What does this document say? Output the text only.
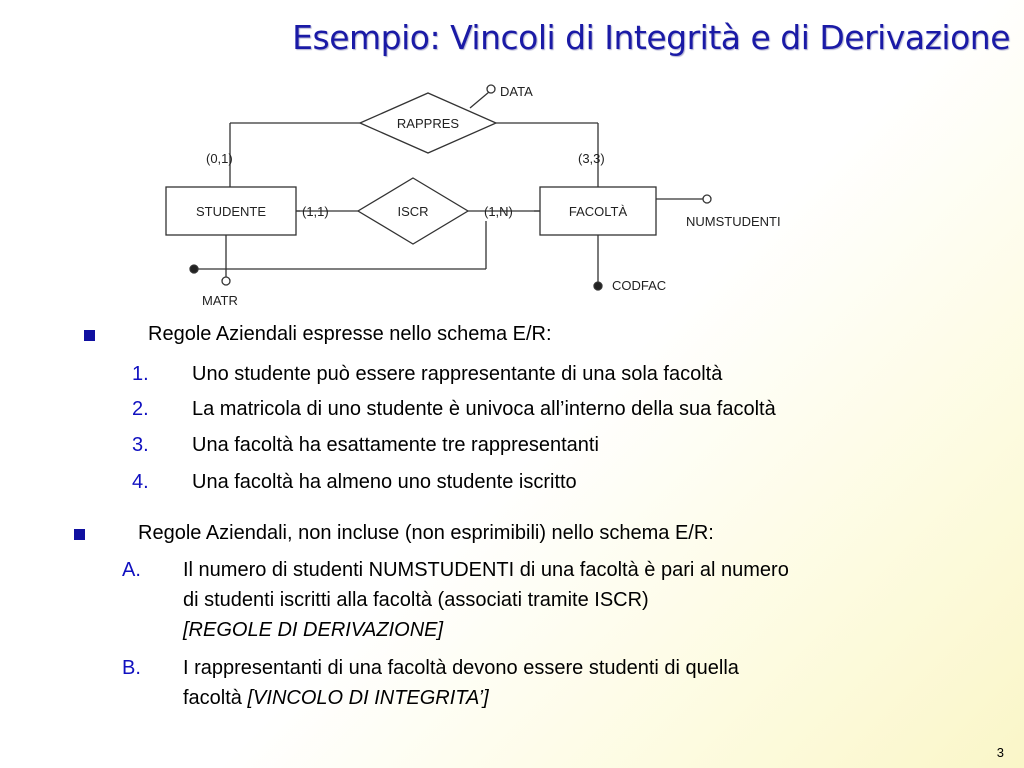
Esempio: Vincoli di Integrità e di Derivazione
STUDENTE	FACOLTÀ
RAPPRES
ISCR
DATA
NUMSTUDENTI
MATR
CODFAC
(0,1)	(3,3)
(1,1)	(1,N)
Regole Aziendali espresse nello schema E/R:
1. Uno studente può essere rappresentante di una sola facoltà
2. La matricola di uno studente è univoca all’interno della sua facoltà
3. Una facoltà ha esattamente tre rappresentanti
4. Una facoltà ha almeno uno studente iscritto
Regole Aziendali, non incluse (non esprimibili) nello schema E/R:
A. Il numero di studenti NUMSTUDENTI di una facoltà è pari al numero
di studenti iscritti alla facoltà (associati tramite ISCR)
[REGOLE DI DERIVAZIONE]
B. I rappresentanti di una facoltà devono essere studenti di quella
facoltà [VINCOLO DI INTEGRITA’]
3
